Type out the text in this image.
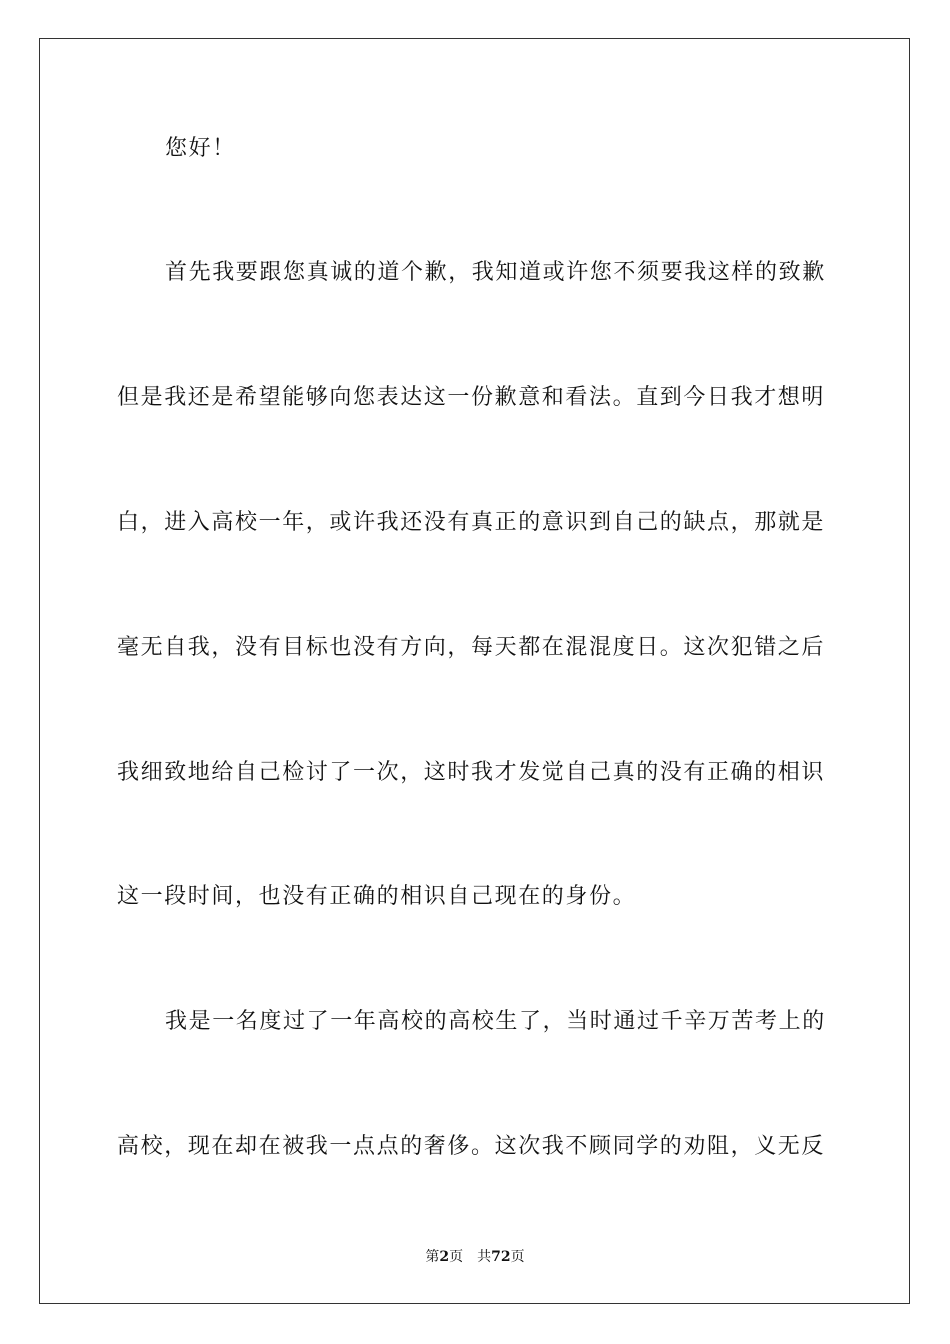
您好！
首先我要跟您真诚的道个歉，我知道或许您不须要我这样的致歉
但是我还是希望能够向您表达这一份歉意和看法。直到今日我才想明
白，进入高校一年，或许我还没有真正的意识到自己的缺点，那就是
毫无自我，没有目标也没有方向，每天都在混混度日。这次犯错之后
我细致地给自己检讨了一次，这时我才发觉自己真的没有正确的相识
这一段时间，也没有正确的相识自己现在的身份。
我是一名度过了一年高校的高校生了，当时通过千辛万苦考上的
高校，现在却在被我一点点的奢侈。这次我不顾同学的劝阻，义无反
第2页 共72页
